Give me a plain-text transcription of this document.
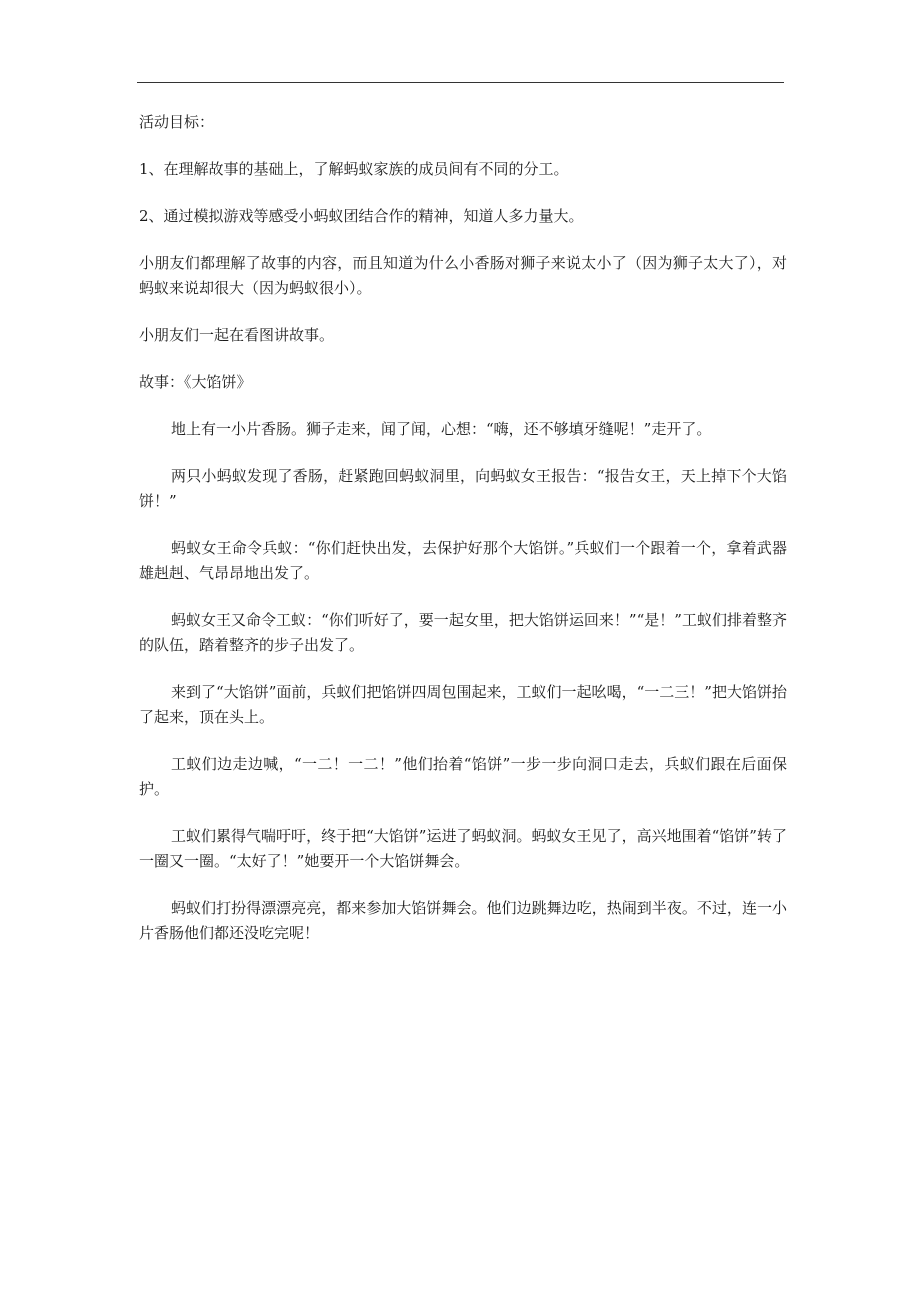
活动目标：

1、在理解故事的基础上，了解蚂蚁家族的成员间有不同的分工。

2、通过模拟游戏等感受小蚂蚁团结合作的精神，知道人多力量大。

小朋友们都理解了故事的内容，而且知道为什么小香肠对狮子来说太小了（因为狮子太大了），对蚂蚁来说却很大（因为蚂蚁很小）。

小朋友们一起在看图讲故事。

故事：《大馅饼》

地上有一小片香肠。狮子走来，闻了闻，心想：“嗨，还不够填牙缝呢！”走开了。

两只小蚂蚁发现了香肠，赶紧跑回蚂蚁洞里，向蚂蚁女王报告：“报告女王，天上掉下个大馅饼！”

蚂蚁女王命令兵蚁：“你们赶快出发，去保护好那个大馅饼。”兵蚁们一个跟着一个，拿着武器雄赳赳、气昂昂地出发了。

蚂蚁女王又命令工蚁：“你们听好了，要一起女里，把大馅饼运回来！”“是！”工蚁们排着整齐的队伍，踏着整齐的步子出发了。

来到了“大馅饼”面前，兵蚁们把馅饼四周包围起来，工蚁们一起吆喝，“一二三！”把大馅饼抬了起来，顶在头上。

工蚁们边走边喊，“一二！一二！”他们抬着“馅饼”一步一步向洞口走去，兵蚁们跟在后面保护。

工蚁们累得气喘吁吁，终于把“大馅饼”运进了蚂蚁洞。蚂蚁女王见了，高兴地围着“馅饼”转了一圈又一圈。“太好了！”她要开一个大馅饼舞会。

蚂蚁们打扮得漂漂亮亮，都来参加大馅饼舞会。他们边跳舞边吃，热闹到半夜。不过，连一小片香肠他们都还没吃完呢！
